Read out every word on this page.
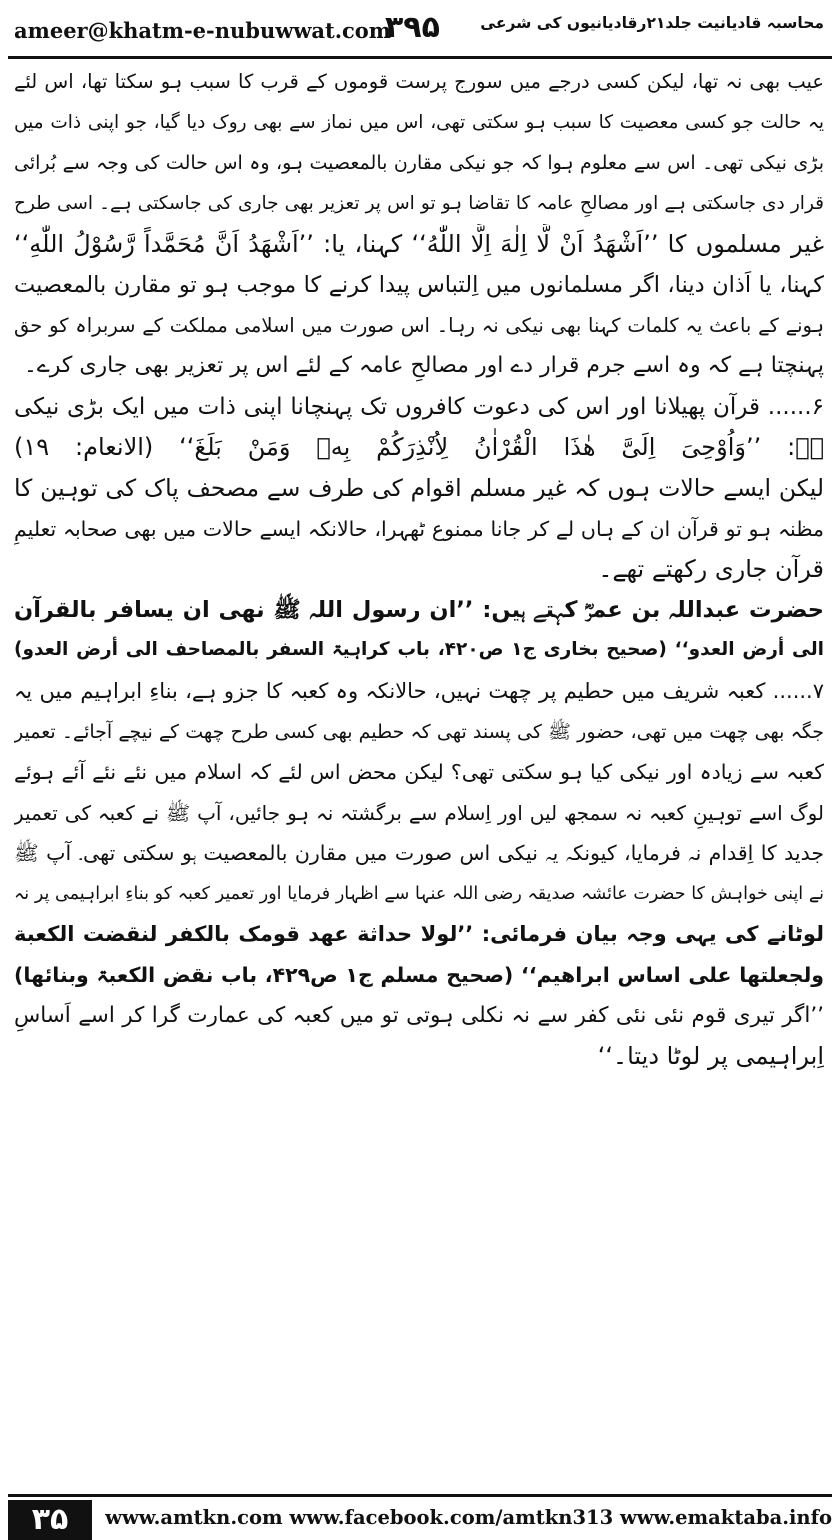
ameer@khatm-e-nubuwwat.com
۳۹۵	محاسبہ قادیانیت جلد۲۱رقادیانیوں کی شرعی
عیب بھی نہ تھا، لیکن کسی درجے میں سورج پرست قوموں کے قرب کا سبب ہو سکتا تھا، اس لئے
یہ حالت جو کسی معصیت کا سبب ہو سکتی تھی، اس میں نماز سے بھی روک دیا گیا، جو اپنی ذات میں
بڑی نیکی تھی۔ اس سے معلوم ہوا کہ جو نیکی مقارن بالمعصیت ہو، وہ اس حالت کی وجہ سے بُرائی
قرار دی جاسکتی ہے اور مصالحِ عامہ کا تقاضا ہو تو اس پر تعزیر بھی جاری کی جاسکتی ہے۔ اسی طرح
غیر مسلموں کا ’’اَشْھَدُ اَنْ لَّا اِلٰهَ اِلَّا اللّٰهُ‘‘ کہنا، یا: ’’اَشْھَدُ اَنَّ مُحَمَّداً رَّسُوْلُ اللّٰهِ‘‘
کہنا، یا اَذان دینا، اگر مسلمانوں میں اِلتباس پیدا کرنے کا موجب ہو تو مقارن بالمعصیت
ہونے کے باعث یہ کلمات کہنا بھی نیکی نہ رہا۔ اس صورت میں اسلامی مملکت کے سربراہ کو حق
پہنچتا ہے کہ وہ اسے جرم قرار دے اور مصالحِ عامہ کے لئے اس پر تعزیر بھی جاری کرے۔
۶...... قرآن پھیلانا اور اس کی دعوت کافروں تک پہنچانا اپنی ذات میں ایک بڑی نیکی
ہے: ’’وَاُوْحِیَ اِلَیَّ ھٰذَا الْقُرْاٰنُ لِاُنْذِرَکُمْ بِهٖ وَمَنْ بَلَغَ‘‘ (الانعام: ۱۹)
لیکن ایسے حالات ہوں کہ غیر مسلم اقوام کی طرف سے مصحف پاک کی توہین کا
مظنہ ہو تو قرآن ان کے ہاں لے کر جانا ممنوع ٹھہرا، حالانکہ ایسے حالات میں بھی صحابہ تعلیمِ
قرآن جاری رکھتے تھے۔
حضرت عبداللہ بن عمرؓ کہتے ہیں: ’’ان رسول اللہ ﷺ نھی ان یسافر بالقرآن
الی أرض العدو‘‘ (صحیح بخاری ج۱ ص۴۲۰، باب کراہیۃ السفر بالمصاحف الی أرض العدو)
۷...... کعبہ شریف میں حطیم پر چھت نہیں، حالانکہ وہ کعبہ کا جزو ہے، بناءِ ابراہیم میں یہ
جگہ بھی چھت میں تھی، حضور ﷺ کی پسند تھی کہ حطیم بھی کسی طرح چھت کے نیچے آجائے۔ تعمیر
کعبہ سے زیادہ اور نیکی کیا ہو سکتی تھی؟ لیکن محض اس لئے کہ اسلام میں نئے نئے آئے ہوئے
لوگ اسے توہینِ کعبہ نہ سمجھ لیں اور اِسلام سے برگشتہ نہ ہو جائیں، آپ ﷺ نے کعبہ کی تعمیر
جدید کا اِقدام نہ فرمایا، کیونکہ یہ نیکی اس صورت میں مقارن بالمعصیت ہو سکتی تھی۔ آپ ﷺ
نے اپنی خواہش کا حضرت عائشہ صدیقہ رضی اللہ عنہا سے اظہار فرمایا اور تعمیر کعبہ کو بناءِ ابراہیمی پر نہ
لوٹانے کی یہی وجہ بیان فرمائی: ’’لولا حداثة عھد قومک بالکفر لنقضت الکعبة
ولجعلتھا علی اساس ابراھیم‘‘ (صحیح مسلم ج۱ ص۴۲۹، باب نقض الکعبۃ وبنائھا)
’’اگر تیری قوم نئی نئی کفر سے نہ نکلی ہوتی تو میں کعبہ کی عمارت گرا کر اسے اَساسِ
اِبراہیمی پر لوٹا دیتا۔‘‘
۳۵	www.amtkn.com www.facebook.com/amtkn313 www.emaktaba.info
